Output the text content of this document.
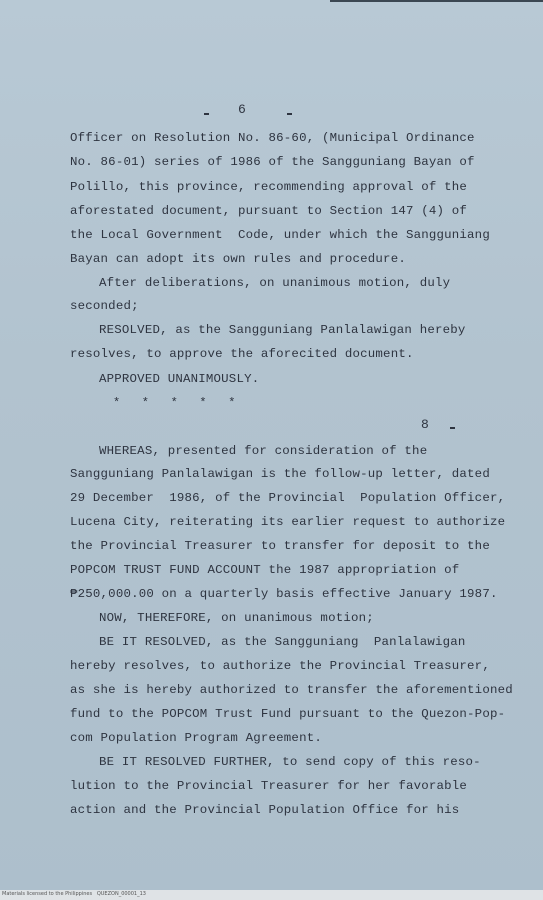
6
Officer on Resolution No. 86-60, (Municipal Ordinance
No. 86-01) series of 1986 of the Sangguniang Bayan of
Polillo, this province, recommending approval of the
aforestated document, pursuant to Section 147 (4) of
the Local Government  Code, under which the Sangguniang
Bayan can adopt its own rules and procedure.
After deliberations, on unanimous motion, duly
seconded;
RESOLVED, as the Sangguniang Panlalawigan hereby
resolves, to approve the aforecited document.
APPROVED UNANIMOUSLY.
*   *   *   *   *
8
WHEREAS, presented for consideration of the
Sangguniang Panlalawigan is the follow-up letter, dated
29 December  1986, of the Provincial  Population Officer,
Lucena City, reiterating its earlier request to authorize
the Provincial Treasurer to transfer for deposit to the
POPCOM TRUST FUND ACCOUNT the 1987 appropriation of
₱250,000.00 on a quarterly basis effective January 1987.
NOW, THEREFORE, on unanimous motion;
BE IT RESOLVED, as the Sangguniang  Panlalawigan
hereby resolves, to authorize the Provincial Treasurer,
as she is hereby authorized to transfer the aforementioned
fund to the POPCOM Trust Fund pursuant to the Quezon-Pop-
com Population Program Agreement.
BE IT RESOLVED FURTHER, to send copy of this reso-
lution to the Provincial Treasurer for her favorable
action and the Provincial Population Office for his
Materials licensed to the Philippines   QUEZON_00001_13
